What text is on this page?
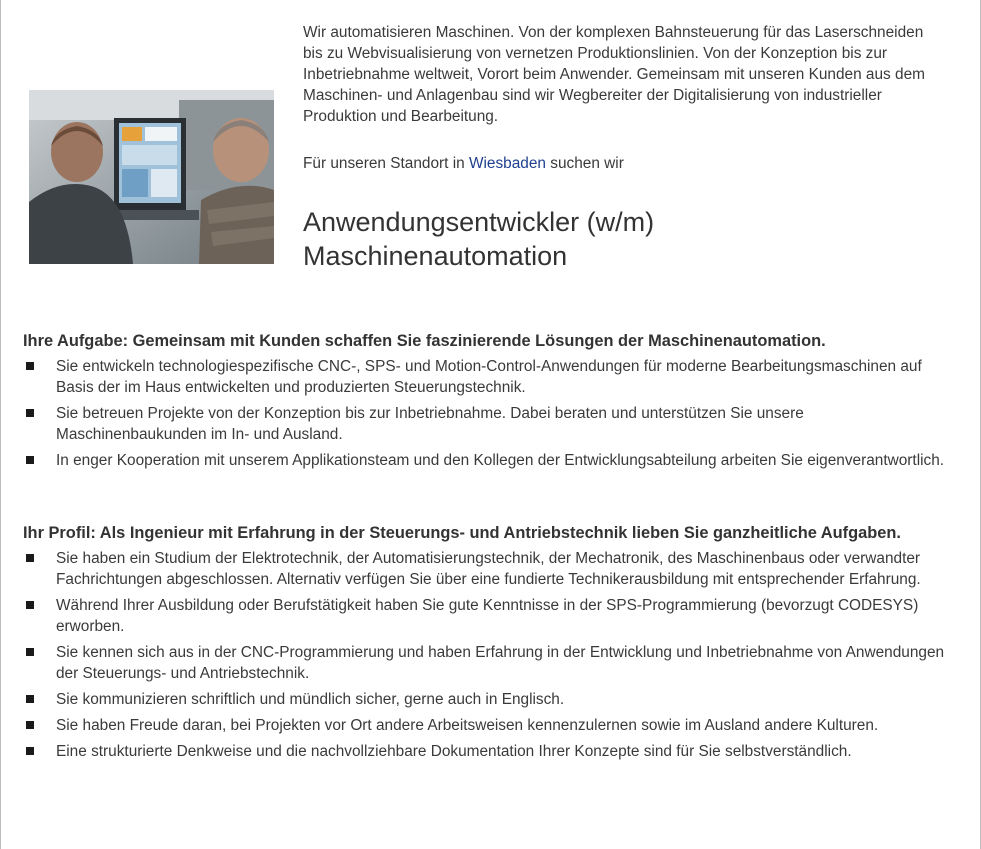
Wir automatisieren Maschinen. Von der komplexen Bahnsteuerung für das Laserschneiden bis zu Webvisualisierung von vernetzen Produktionslinien. Von der Konzeption bis zur Inbetriebnahme weltweit, Vorort beim Anwender. Gemeinsam mit unseren Kunden aus dem Maschinen- und Anlagenbau sind wir Wegbereiter der Digitalisierung von industrieller Produktion und Bearbeitung.

Für unseren Standort in Wiesbaden suchen wir

Anwendungsentwickler (w/m)
Maschinenautomation
Ihre Aufgabe: Gemeinsam mit Kunden schaffen Sie faszinierende Lösungen der Maschinenautomation.
Sie entwickeln technologiespezifische CNC-, SPS- und Motion-Control-Anwendungen für moderne Bearbeitungsmaschinen auf Basis der im Haus entwickelten und produzierten Steuerungstechnik.
Sie betreuen Projekte von der Konzeption bis zur Inbetriebnahme. Dabei beraten und unterstützen Sie unsere Maschinenbaukunden im In- und Ausland.
In enger Kooperation mit unserem Applikationsteam und den Kollegen der Entwicklungsabteilung arbeiten Sie eigenverantwortlich.
Ihr Profil: Als Ingenieur mit Erfahrung in der Steuerungs- und Antriebstechnik lieben Sie ganzheitliche Aufgaben.
Sie haben ein Studium der Elektrotechnik, der Automatisierungstechnik, der Mechatronik, des Maschinenbaus oder verwandter Fachrichtungen abgeschlossen. Alternativ verfügen Sie über eine fundierte Technikerausbildung mit entsprechender Erfahrung.
Während Ihrer Ausbildung oder Berufstätigkeit haben Sie gute Kenntnisse in der SPS-Programmierung (bevorzugt CODESYS) erworben.
Sie kennen sich aus in der CNC-Programmierung und haben Erfahrung in der Entwicklung und Inbetriebnahme von Anwendungen der Steuerungs- und Antriebstechnik.
Sie kommunizieren schriftlich und mündlich sicher, gerne auch in Englisch.
Sie haben Freude daran, bei Projekten vor Ort andere Arbeitsweisen kennenzulernen sowie im Ausland andere Kulturen.
Eine strukturierte Denkweise und die nachvollziehbare Dokumentation Ihrer Konzepte sind für Sie selbstverständlich.
